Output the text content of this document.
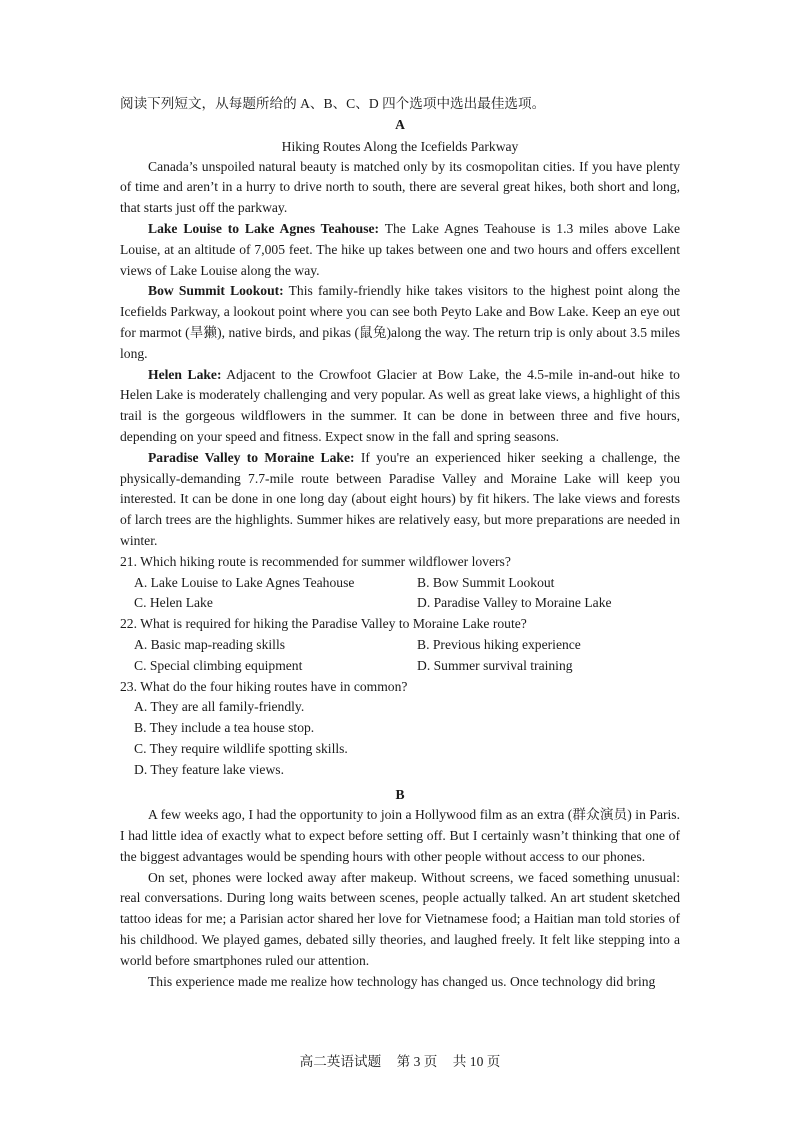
阅读下列短文，从每题所给的 A、B、C、D 四个选项中选出最佳选项。
A
Hiking Routes Along the Icefields Parkway
Canada’s unspoiled natural beauty is matched only by its cosmopolitan cities. If you have plenty of time and aren’t in a hurry to drive north to south, there are several great hikes, both short and long, that starts just off the parkway.
Lake Louise to Lake Agnes Teahouse: The Lake Agnes Teahouse is 1.3 miles above Lake Louise, at an altitude of 7,005 feet. The hike up takes between one and two hours and offers excellent views of Lake Louise along the way.
Bow Summit Lookout: This family-friendly hike takes visitors to the highest point along the Icefields Parkway, a lookout point where you can see both Peyto Lake and Bow Lake. Keep an eye out for marmot (旱獭), native birds, and pikas (鼠兔)along the way. The return trip is only about 3.5 miles long.
Helen Lake: Adjacent to the Crowfoot Glacier at Bow Lake, the 4.5-mile in-and-out hike to Helen Lake is moderately challenging and very popular. As well as great lake views, a highlight of this trail is the gorgeous wildflowers in the summer. It can be done in between three and five hours, depending on your speed and fitness. Expect snow in the fall and spring seasons.
Paradise Valley to Moraine Lake: If you're an experienced hiker seeking a challenge, the physically-demanding 7.7-mile route between Paradise Valley and Moraine Lake will keep you interested. It can be done in one long day (about eight hours) by fit hikers. The lake views and forests of larch trees are the highlights. Summer hikes are relatively easy, but more preparations are needed in winter.
21. Which hiking route is recommended for summer wildflower lovers?
A. Lake Louise to Lake Agnes Teahouse	B. Bow Summit Lookout
C. Helen Lake	D. Paradise Valley to Moraine Lake
22. What is required for hiking the Paradise Valley to Moraine Lake route?
A. Basic map-reading skills	B. Previous hiking experience
C. Special climbing equipment	D. Summer survival training
23. What do the four hiking routes have in common?
A. They are all family-friendly.
B. They include a tea house stop.
C. They require wildlife spotting skills.
D. They feature lake views.
B
A few weeks ago, I had the opportunity to join a Hollywood film as an extra (群众演员) in Paris. I had little idea of exactly what to expect before setting off. But I certainly wasn’t thinking that one of the biggest advantages would be spending hours with other people without access to our phones.
On set, phones were locked away after makeup. Without screens, we faced something unusual: real conversations. During long waits between scenes, people actually talked. An art student sketched tattoo ideas for me; a Parisian actor shared her love for Vietnamese food; a Haitian man told stories of his childhood. We played games, debated silly theories, and laughed freely. It felt like stepping into a world before smartphones ruled our attention.
This experience made me realize how technology has changed us. Once technology did bring
高二英语试题 第 3 页 共 10 页
